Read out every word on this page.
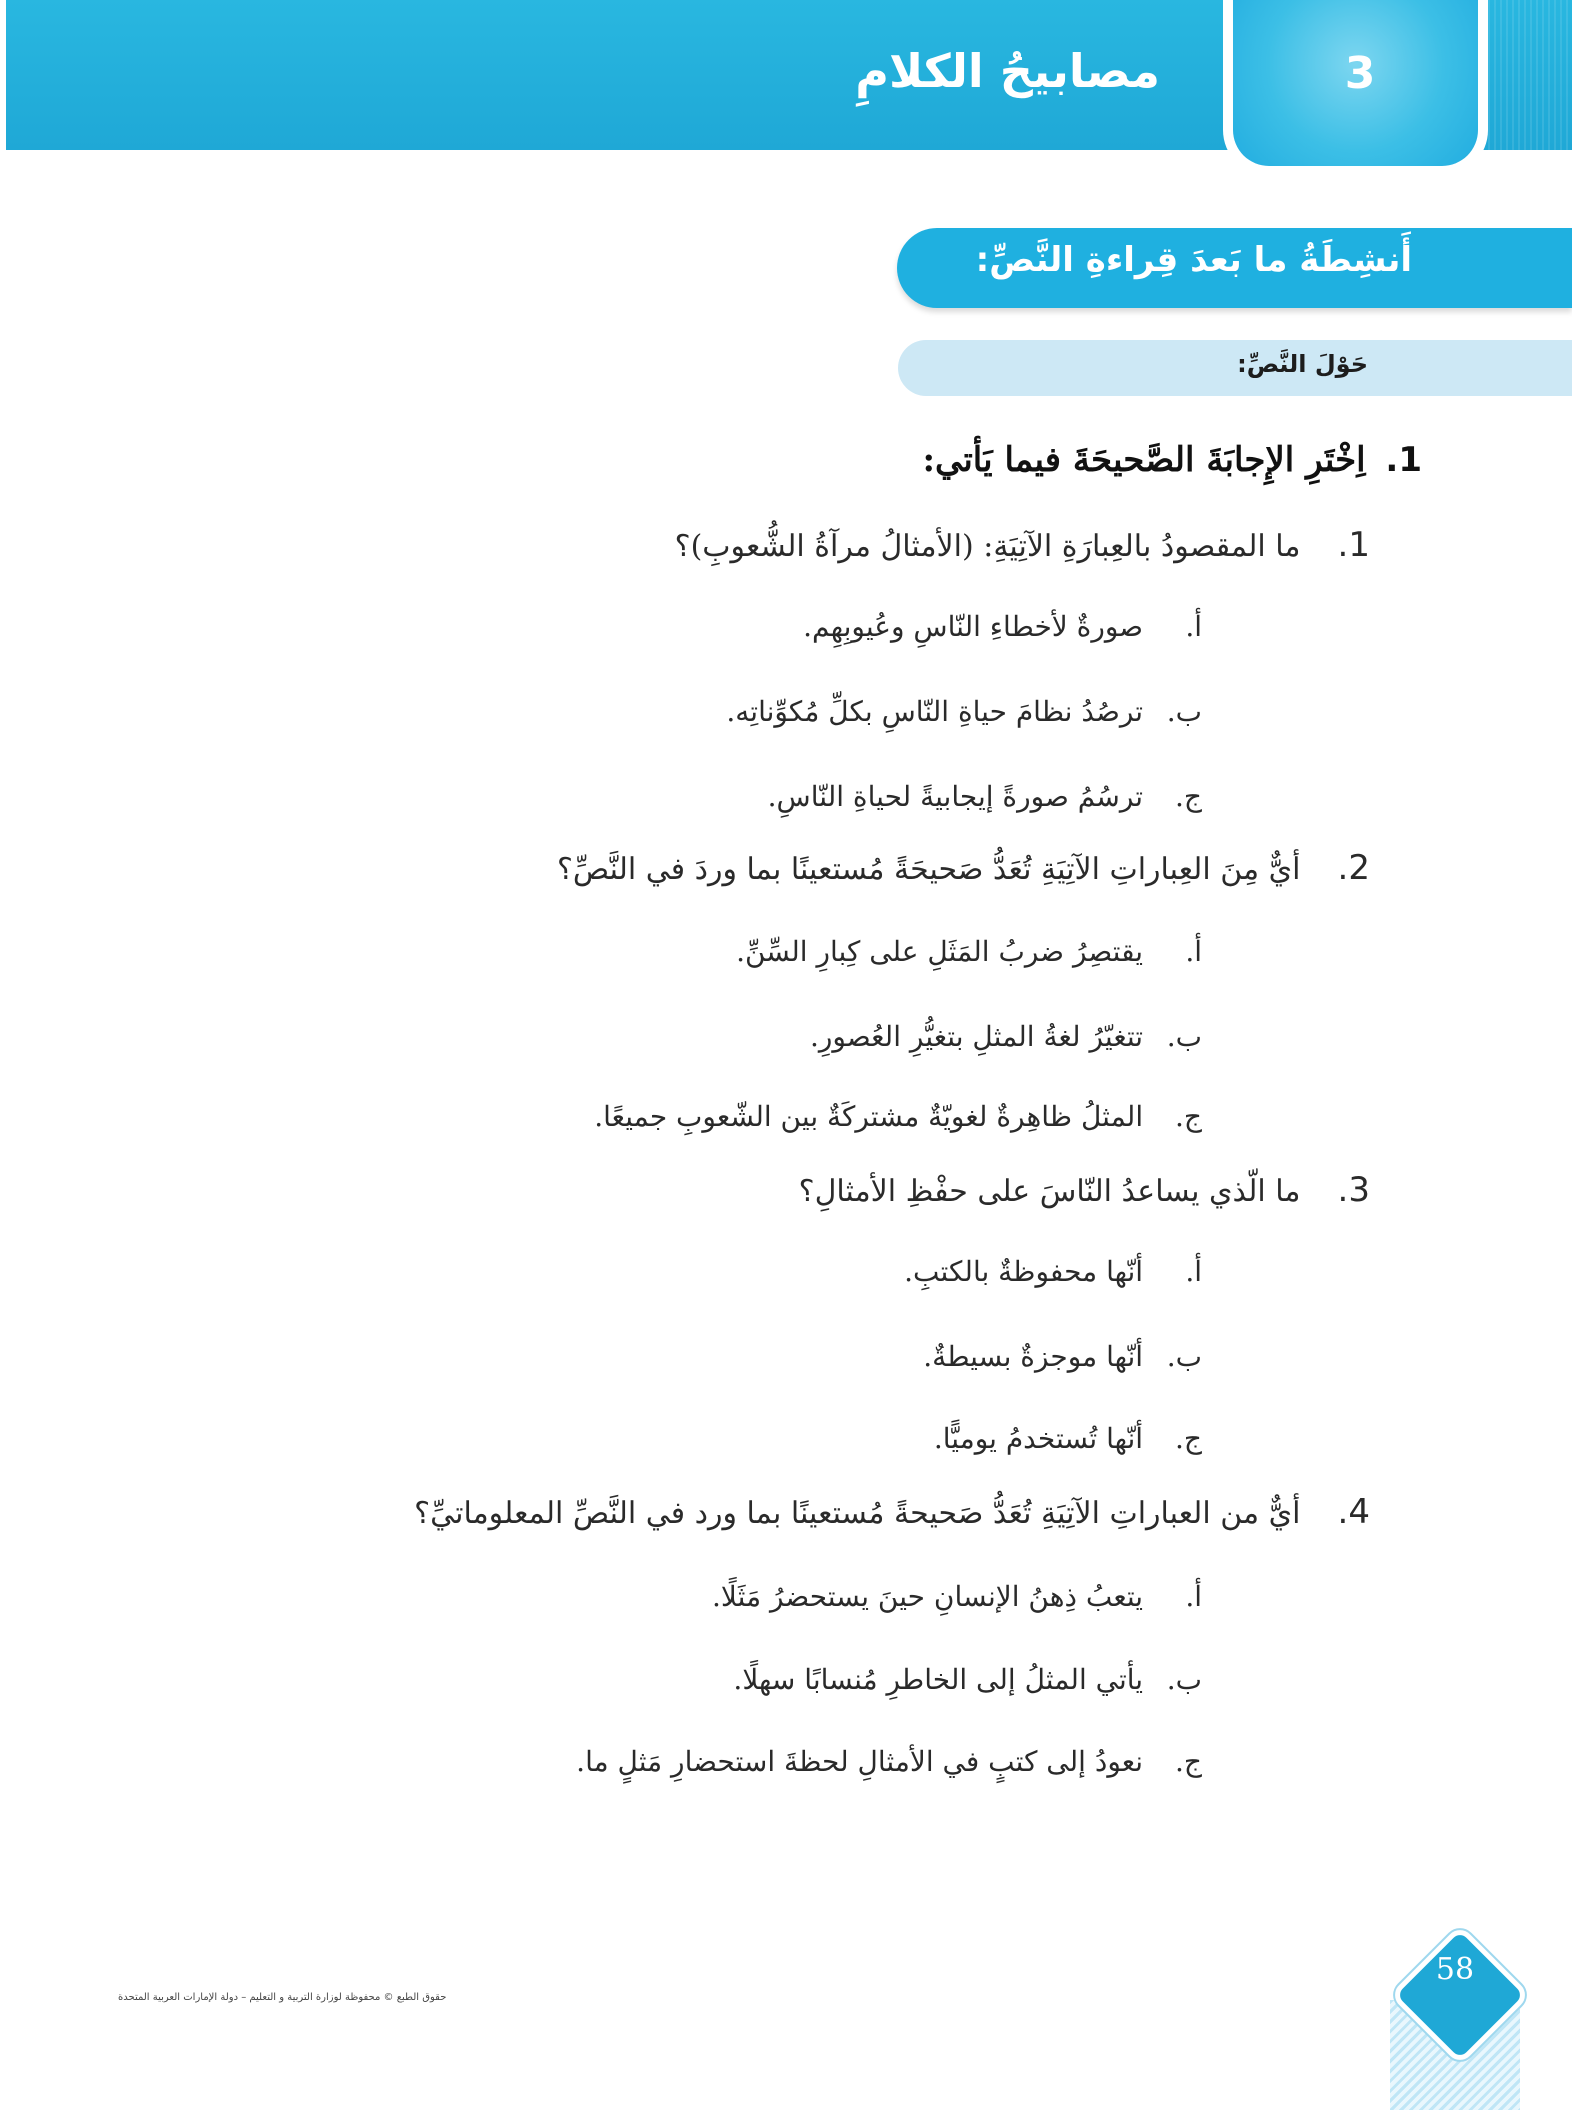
3
مصابيحُ الكلامِ
أَنشِطَةُ ما بَعدَ قِراءةِ النَّصِّ:
حَوْلَ النَّصِّ:
1. اِخْتَرِ الإِجابَةَ الصَّحيحَةَ فيما يَأتي:
1. ما المقصودُ بالعِبارَةِ الآتِيَةِ: (الأمثالُ مرآةُ الشُّعوبِ)؟
أ. صورةٌ لأخطاءِ النّاسِ وعُيوبِهِم.
ب. ترصُدُ نظامَ حياةِ النّاسِ بكلِّ مُكوِّناتِه.
ج. ترسُمُ صورةً إيجابيةً لحياةِ النّاسِ.
2. أيٌّ مِنَ العِباراتِ الآتِيَةِ تُعَدُّ صَحيحَةً مُستعينًا بما وردَ في النَّصِّ؟
أ. يقتصِرُ ضربُ المَثَلِ على كِبارِ السِّنِّ.
ب. تتغيّرُ لغةُ المثلِ بتغيُّرِ العُصورِ.
ج. المثلُ ظاهِرةٌ لغويّةٌ مشتركَةٌ بين الشّعوبِ جميعًا.
3. ما الّذي يساعدُ النّاسَ على حفْظِ الأمثالِ؟
أ. أنّها محفوظةٌ بالكتبِ.
ب. أنّها موجزةٌ بسيطةٌ.
ج. أنّها تُستخدمُ يوميًّا.
4. أيٌّ من العباراتِ الآتِيَةِ تُعَدُّ صَحيحةً مُستعينًا بما ورد في النَّصِّ المعلوماتيِّ؟
أ. يتعبُ ذِهنُ الإنسانِ حينَ يستحضرُ مَثَلًا.
ب. يأتي المثلُ إلى الخاطرِ مُنسابًا سهلًا.
ج. نعودُ إلى كتبٍ في الأمثالِ لحظةَ استحضارِ مَثلٍ ما.
58
حقوق الطبع © محفوظة لوزارة التربية و التعليم – دولة الإمارات العربية المتحدة
